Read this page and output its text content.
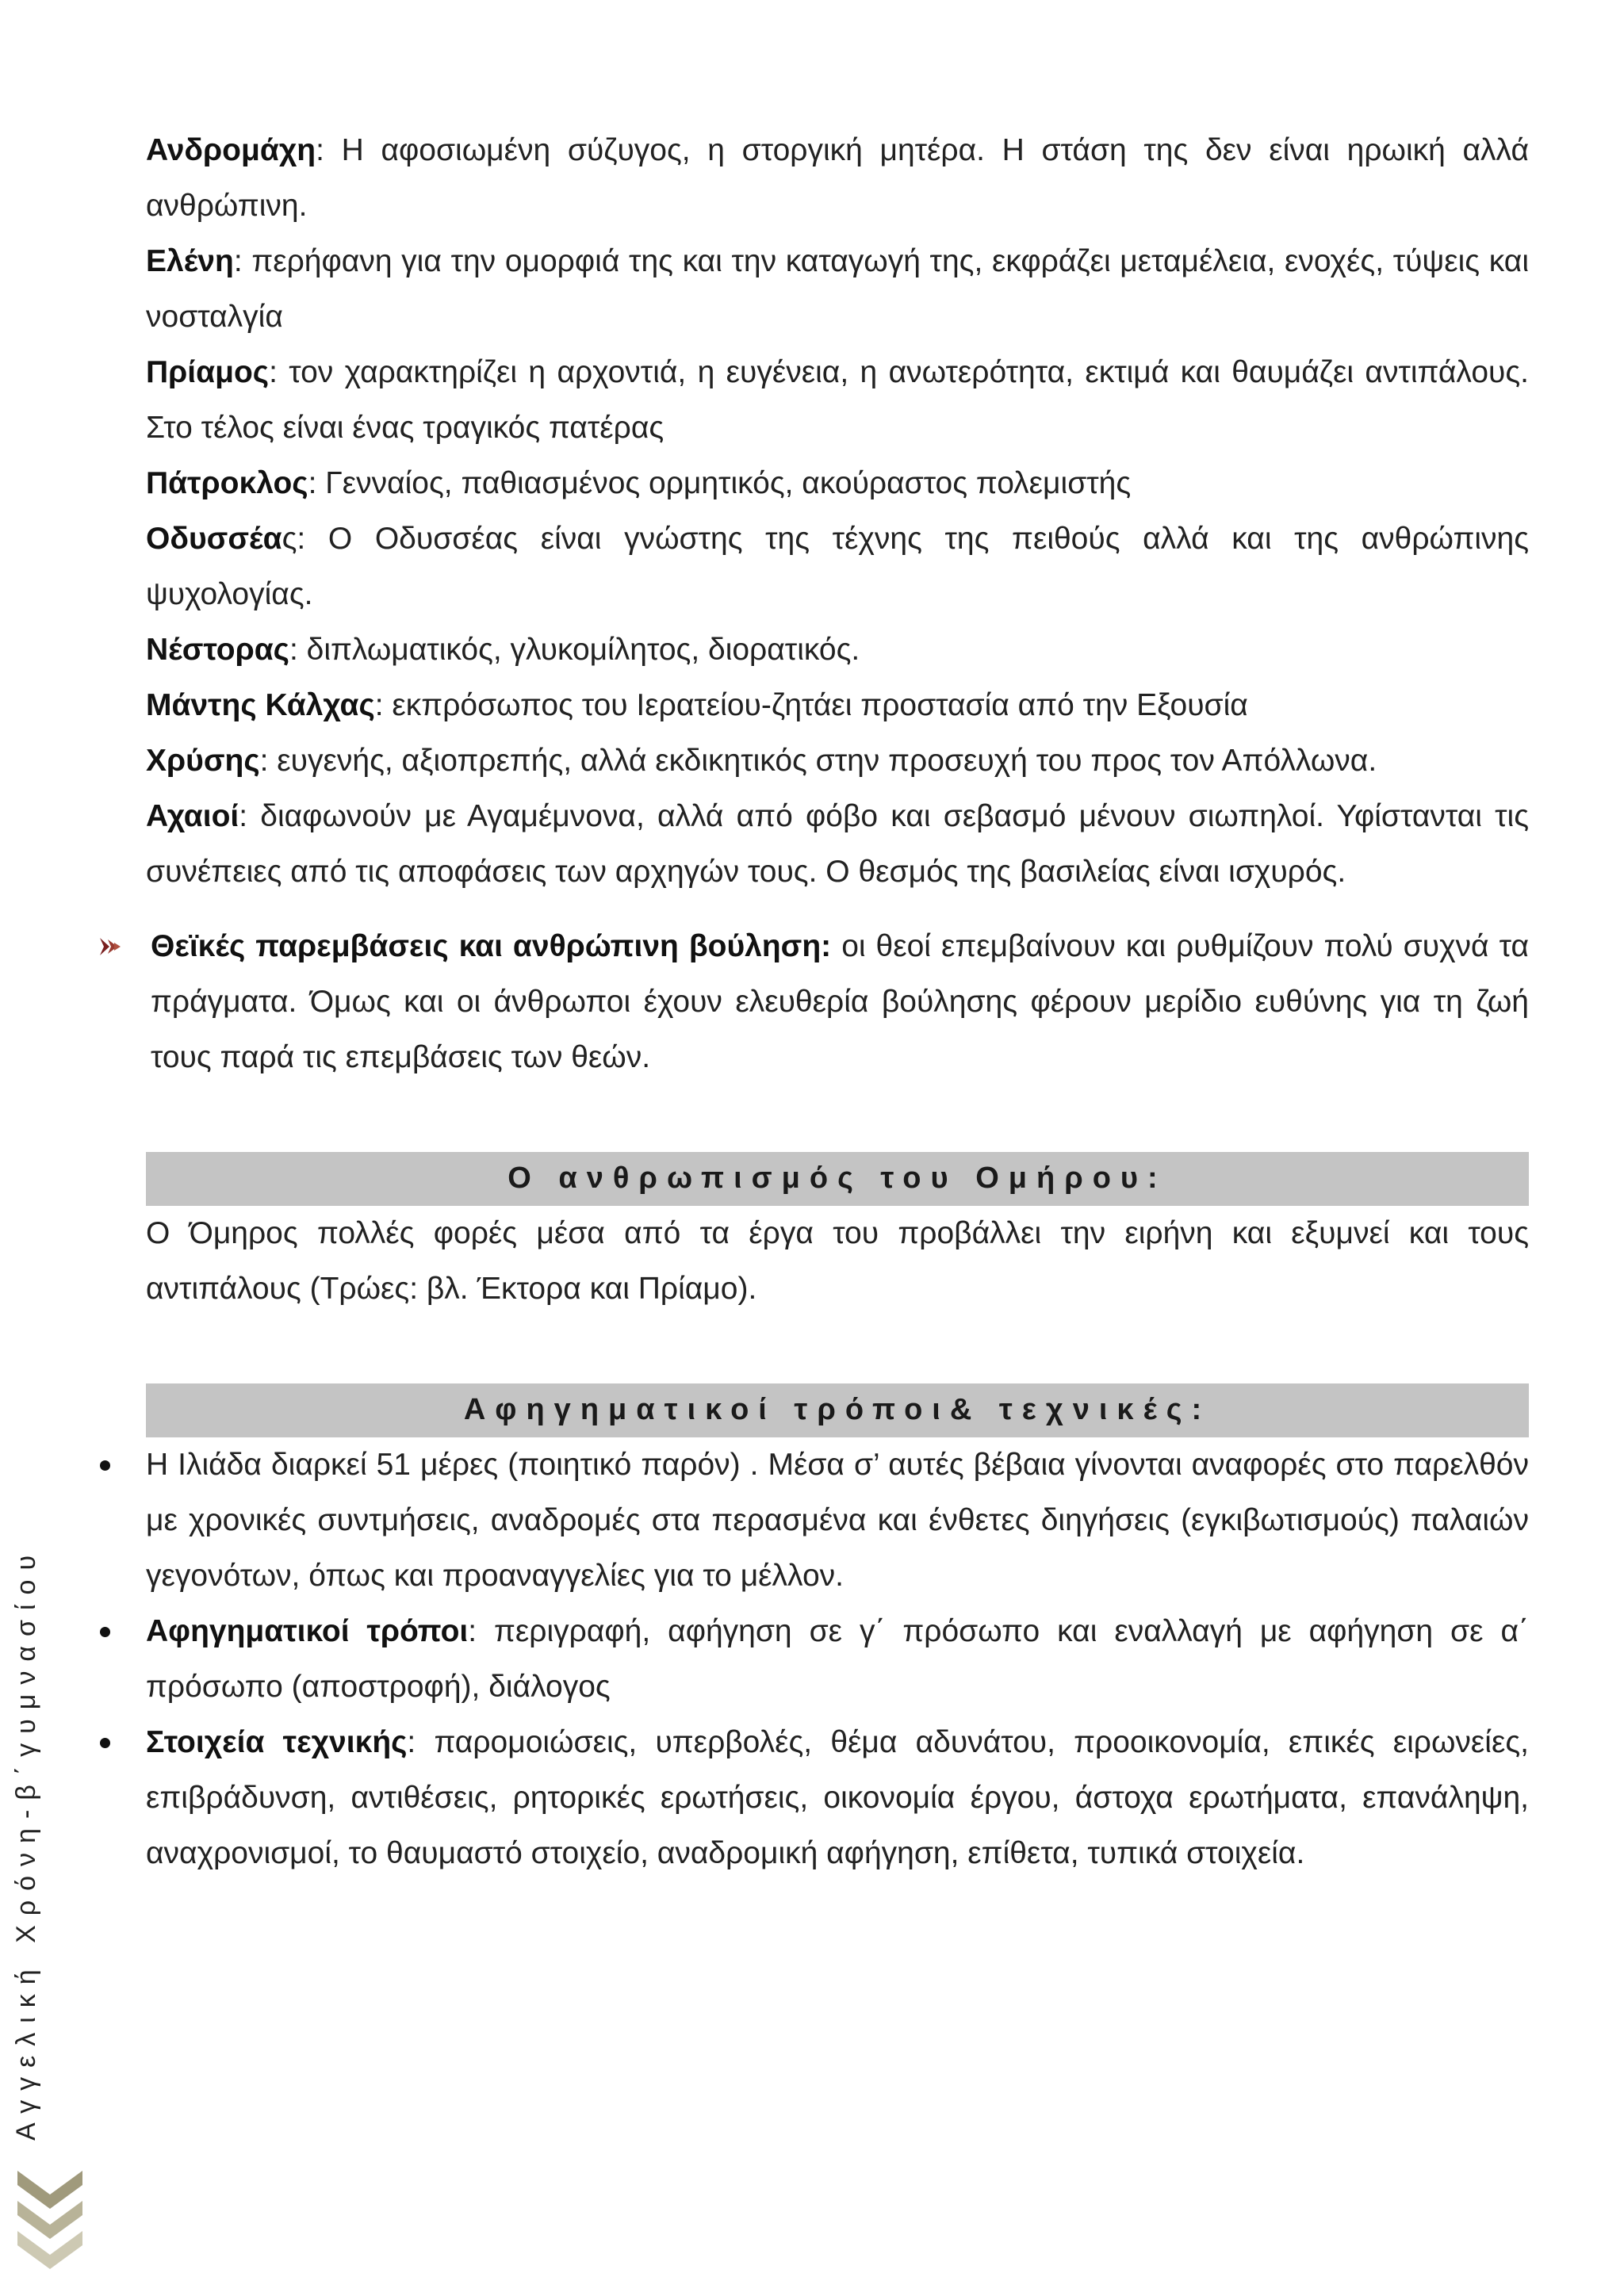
Ανδρομάχη: Η αφοσιωμένη σύζυγος, η στοργική μητέρα. Η στάση της δεν είναι ηρωική αλλά ανθρώπινη.

Ελένη: περήφανη για την ομορφιά της και την καταγωγή της, εκφράζει μεταμέλεια, ενοχές, τύψεις και νοσταλγία

Πρίαμος: τον χαρακτηρίζει η αρχοντιά, η ευγένεια, η ανωτερότητα, εκτιμά και θαυμάζει αντιπάλους. Στο τέλος είναι ένας τραγικός πατέρας

Πάτροκλος: Γενναίος, παθιασμένος ορμητικός, ακούραστος πολεμιστής

Οδυσσέας: Ο Οδυσσέας είναι γνώστης της τέχνης της πειθούς αλλά και της ανθρώπινης ψυχολογίας.

Νέστορας: διπλωματικός, γλυκομίλητος, διορατικός.

Μάντης Κάλχας: εκπρόσωπος του Ιερατείου-ζητάει προστασία από την Εξουσία

Χρύσης: ευγενής, αξιοπρεπής, αλλά εκδικητικός στην προσευχή του προς τον Απόλλωνα.

Αχαιοί: διαφωνούν με Αγαμέμνονα, αλλά από φόβο και σεβασμό μένουν σιωπηλοί. Υφίστανται τις συνέπειες από τις αποφάσεις των αρχηγών τους. Ο θεσμός της βασιλείας είναι ισχυρός.

Θεϊκές παρεμβάσεις και ανθρώπινη βούληση: οι θεοί επεμβαίνουν και ρυθμίζουν πολύ συχνά τα πράγματα. Όμως και οι άνθρωποι έχουν ελευθερία βούλησης φέρουν μερίδιο ευθύνης για τη ζωή τους παρά τις επεμβάσεις των θεών.

Ο ανθρωπισμός του Ομήρου:

Ο Όμηρος πολλές φορές μέσα από τα έργα του προβάλλει την ειρήνη και εξυμνεί και τους αντιπάλους (Τρώες: βλ. Έκτορα και Πρίαμο).

Αφηγηματικοί τρόποι& τεχνικές:
Η Ιλιάδα διαρκεί 51 μέρες (ποιητικό παρόν) . Μέσα σ’ αυτές βέβαια γίνονται αναφορές στο παρελθόν με χρονικές συντμήσεις, αναδρομές στα περασμένα και ένθετες διηγήσεις (εγκιβωτισμούς) παλαιών γεγονότων, όπως και προαναγγελίες για το μέλλον.
Αφηγηματικοί τρόποι: περιγραφή, αφήγηση σε γ΄ πρόσωπο και εναλλαγή με αφήγηση σε α΄ πρόσωπο (αποστροφή), διάλογος
Στοιχεία τεχνικής: παρομοιώσεις, υπερβολές, θέμα αδυνάτου, προοικονομία, επικές ειρωνείες, επιβράδυνση, αντιθέσεις, ρητορικές ερωτήσεις, οικονομία έργου, άστοχα ερωτήματα, επανάληψη, αναχρονισμοί, το θαυμαστό στοιχείο, αναδρομική αφήγηση, επίθετα, τυπικά στοιχεία.
Αγγελική Χρόνη-β΄γυμνασίου
